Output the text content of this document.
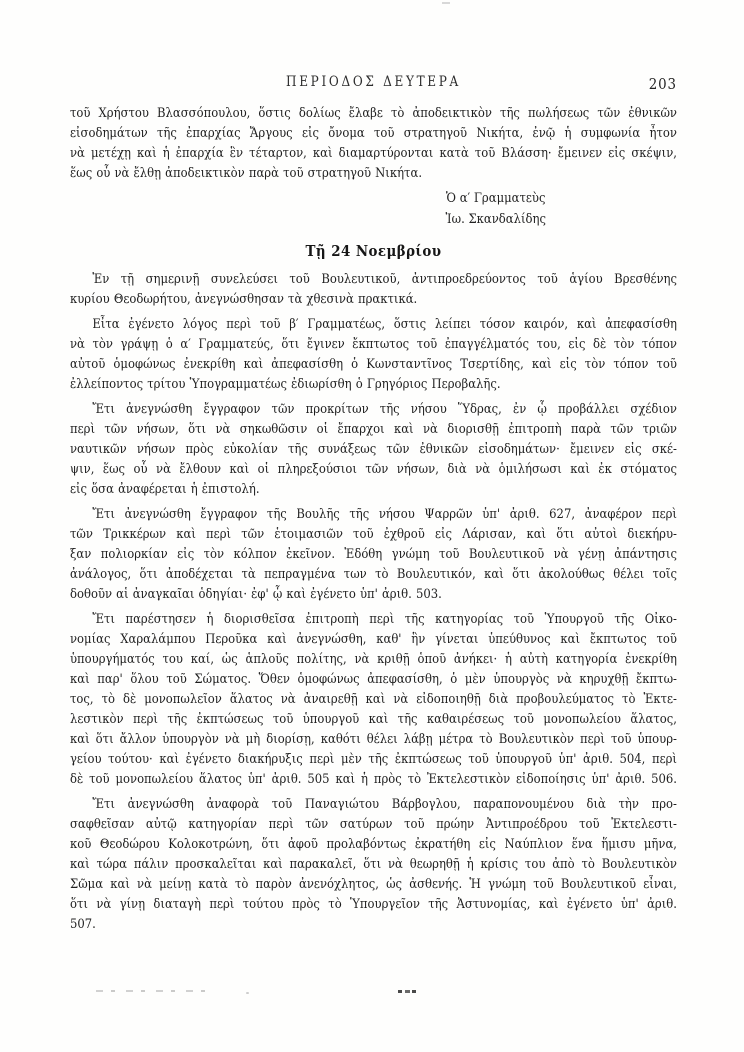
ΠΕΡΙΟΔΟΣ ΔΕΥΤΕΡΑ	203
τοῦ Χρήστου Βλασσόπουλου, ὅστις δολίως ἔλαβε τὸ ἀποδεικτικὸν τῆς πωλήσεως τῶν ἐθνικῶν
εἰσοδημάτων τῆς ἐπαρχίας Ἄργους εἰς ὄνομα τοῦ στρατηγοῦ Νικήτα, ἐνῷ ἡ συμφωνία ἦτον
νὰ μετέχῃ καὶ ἡ ἐπαρχία ἓν τέταρτον, καὶ διαμαρτύρονται κατὰ τοῦ Βλάσση· ἔμεινεν εἰς σκέψιν,
ἕως οὗ νὰ ἔλθῃ ἀποδεικτικὸν παρὰ τοῦ στρατηγοῦ Νικήτα.
Ὁ α′ Γραμματεὺς
Ἰω. Σκανδαλίδης
Τῇ 24 Νοεμβρίου
Ἐν τῇ σημερινῇ συνελεύσει τοῦ Βουλευτικοῦ, ἀντιπροεδρεύοντος τοῦ ἁγίου Βρεσθένης
κυρίου Θεοδωρήτου, ἀνεγνώσθησαν τὰ χθεσινὰ πρακτικά.
Εἶτα ἐγένετο λόγος περὶ τοῦ β′ Γραμματέως, ὅστις λείπει τόσον καιρόν, καὶ ἀπεφασίσθη
νὰ τὸν γράψῃ ὁ α′ Γραμματεύς, ὅτι ἔγινεν ἔκπτωτος τοῦ ἐπαγγέλματός του, εἰς δὲ τὸν τόπον
αὐτοῦ ὁμοφώνως ἐνεκρίθη καὶ ἀπεφασίσθη ὁ Κωνσταντῖνος Τσερτίδης, καὶ εἰς τὸν τόπον τοῦ
ἐλλείποντος τρίτου Ὑπογραμματέως ἐδιωρίσθη ὁ Γρηγόριος Περοβαλῆς.
Ἔτι ἀνεγνώσθη ἔγγραφον τῶν προκρίτων τῆς νήσου Ὕδρας, ἐν ᾧ προβάλλει σχέδιον
περὶ τῶν νήσων, ὅτι νὰ σηκωθῶσιν οἱ ἔπαρχοι καὶ νὰ διορισθῇ ἐπιτροπὴ παρὰ τῶν τριῶν
ναυτικῶν νήσων πρὸς εὐκολίαν τῆς συνάξεως τῶν ἐθνικῶν εἰσοδημάτων· ἔμεινεν εἰς σκέ-
ψιν, ἕως οὗ νὰ ἔλθουν καὶ οἱ πληρεξούσιοι τῶν νήσων, διὰ νὰ ὁμιλήσωσι καὶ ἐκ στόματος
εἰς ὅσα ἀναφέρεται ἡ ἐπιστολή.
Ἔτι ἀνεγνώσθη ἔγγραφον τῆς Βουλῆς τῆς νήσου Ψαρρῶν ὑπ' ἀριθ. 627, ἀναφέρον περὶ
τῶν Τρικκέρων καὶ περὶ τῶν ἑτοιμασιῶν τοῦ ἐχθροῦ εἰς Λάρισαν, καὶ ὅτι αὐτοὶ διεκήρυ-
ξαν πολιορκίαν εἰς τὸν κόλπον ἐκεῖνον. Ἐδόθη γνώμη τοῦ Βουλευτικοῦ νὰ γένῃ ἀπάντησις
ἀνάλογος, ὅτι ἀποδέχεται τὰ πεπραγμένα των τὸ Βουλευτικόν, καὶ ὅτι ἀκολούθως θέλει τοῖς
δοθοῦν αἱ ἀναγκαῖαι ὁδηγίαι· ἐφ' ᾧ καὶ ἐγένετο ὑπ' ἀριθ. 503.
Ἔτι παρέστησεν ἡ διορισθεῖσα ἐπιτροπὴ περὶ τῆς κατηγορίας τοῦ Ὑπουργοῦ τῆς Οἰκο-
νομίας Χαραλάμπου Περοῦκα καὶ ἀνεγνώσθη, καθ' ἣν γίνεται ὑπεύθυνος καὶ ἔκπτωτος τοῦ
ὑπουργήματός του καί, ὡς ἁπλοῦς πολίτης, νὰ κριθῇ ὁποῦ ἀνήκει· ἡ αὐτὴ κατηγορία ἐνεκρίθη
καὶ παρ' ὅλου τοῦ Σώματος. Ὅθεν ὁμοφώνως ἀπεφασίσθη, ὁ μὲν ὑπουργὸς νὰ κηρυχθῇ ἔκπτω-
τος, τὸ δὲ μονοπωλεῖον ἅλατος νὰ ἀναιρεθῇ καὶ νὰ εἰδοποιηθῇ διὰ προβουλεύματος τὸ Ἐκτε-
λεστικὸν περὶ τῆς ἐκπτώσεως τοῦ ὑπουργοῦ καὶ τῆς καθαιρέσεως τοῦ μονοπωλείου ἅλατος,
καὶ ὅτι ἄλλον ὑπουργὸν νὰ μὴ διορίσῃ, καθότι θέλει λάβῃ μέτρα τὸ Βουλευτικὸν περὶ τοῦ ὑπουρ-
γείου τούτου· καὶ ἐγένετο διακήρυξις περὶ μὲν τῆς ἐκπτώσεως τοῦ ὑπουργοῦ ὑπ' ἀριθ. 504, περὶ
δὲ τοῦ μονοπωλείου ἅλατος ὑπ' ἀριθ. 505 καὶ ἡ πρὸς τὸ Ἐκτελεστικὸν εἰδοποίησις ὑπ' ἀριθ. 506.
Ἔτι ἀνεγνώσθη ἀναφορὰ τοῦ Παναγιώτου Βάρβογλου, παραπονουμένου διὰ τὴν προ-
σαφθεῖσαν αὐτῷ κατηγορίαν περὶ τῶν σατύρων τοῦ πρώην Ἀντιπροέδρου τοῦ Ἐκτελεστι-
κοῦ Θεοδώρου Κολοκοτρώνη, ὅτι ἀφοῦ προλαβόντως ἐκρατήθη εἰς Ναύπλιον ἕνα ἥμισυ μῆνα,
καὶ τώρα πάλιν προσκαλεῖται καὶ παρακαλεῖ, ὅτι νὰ θεωρηθῇ ἡ κρίσις του ἀπὸ τὸ Βουλευτικὸν
Σῶμα καὶ νὰ μείνῃ κατὰ τὸ παρὸν ἀνενόχλητος, ὡς ἀσθενής. Ἡ γνώμη τοῦ Βουλευτικοῦ εἶναι,
ὅτι νὰ γίνῃ διαταγὴ περὶ τούτου πρὸς τὸ Ὑπουργεῖον τῆς Ἀστυνομίας, καὶ ἐγένετο ὑπ' ἀριθ.
507.
